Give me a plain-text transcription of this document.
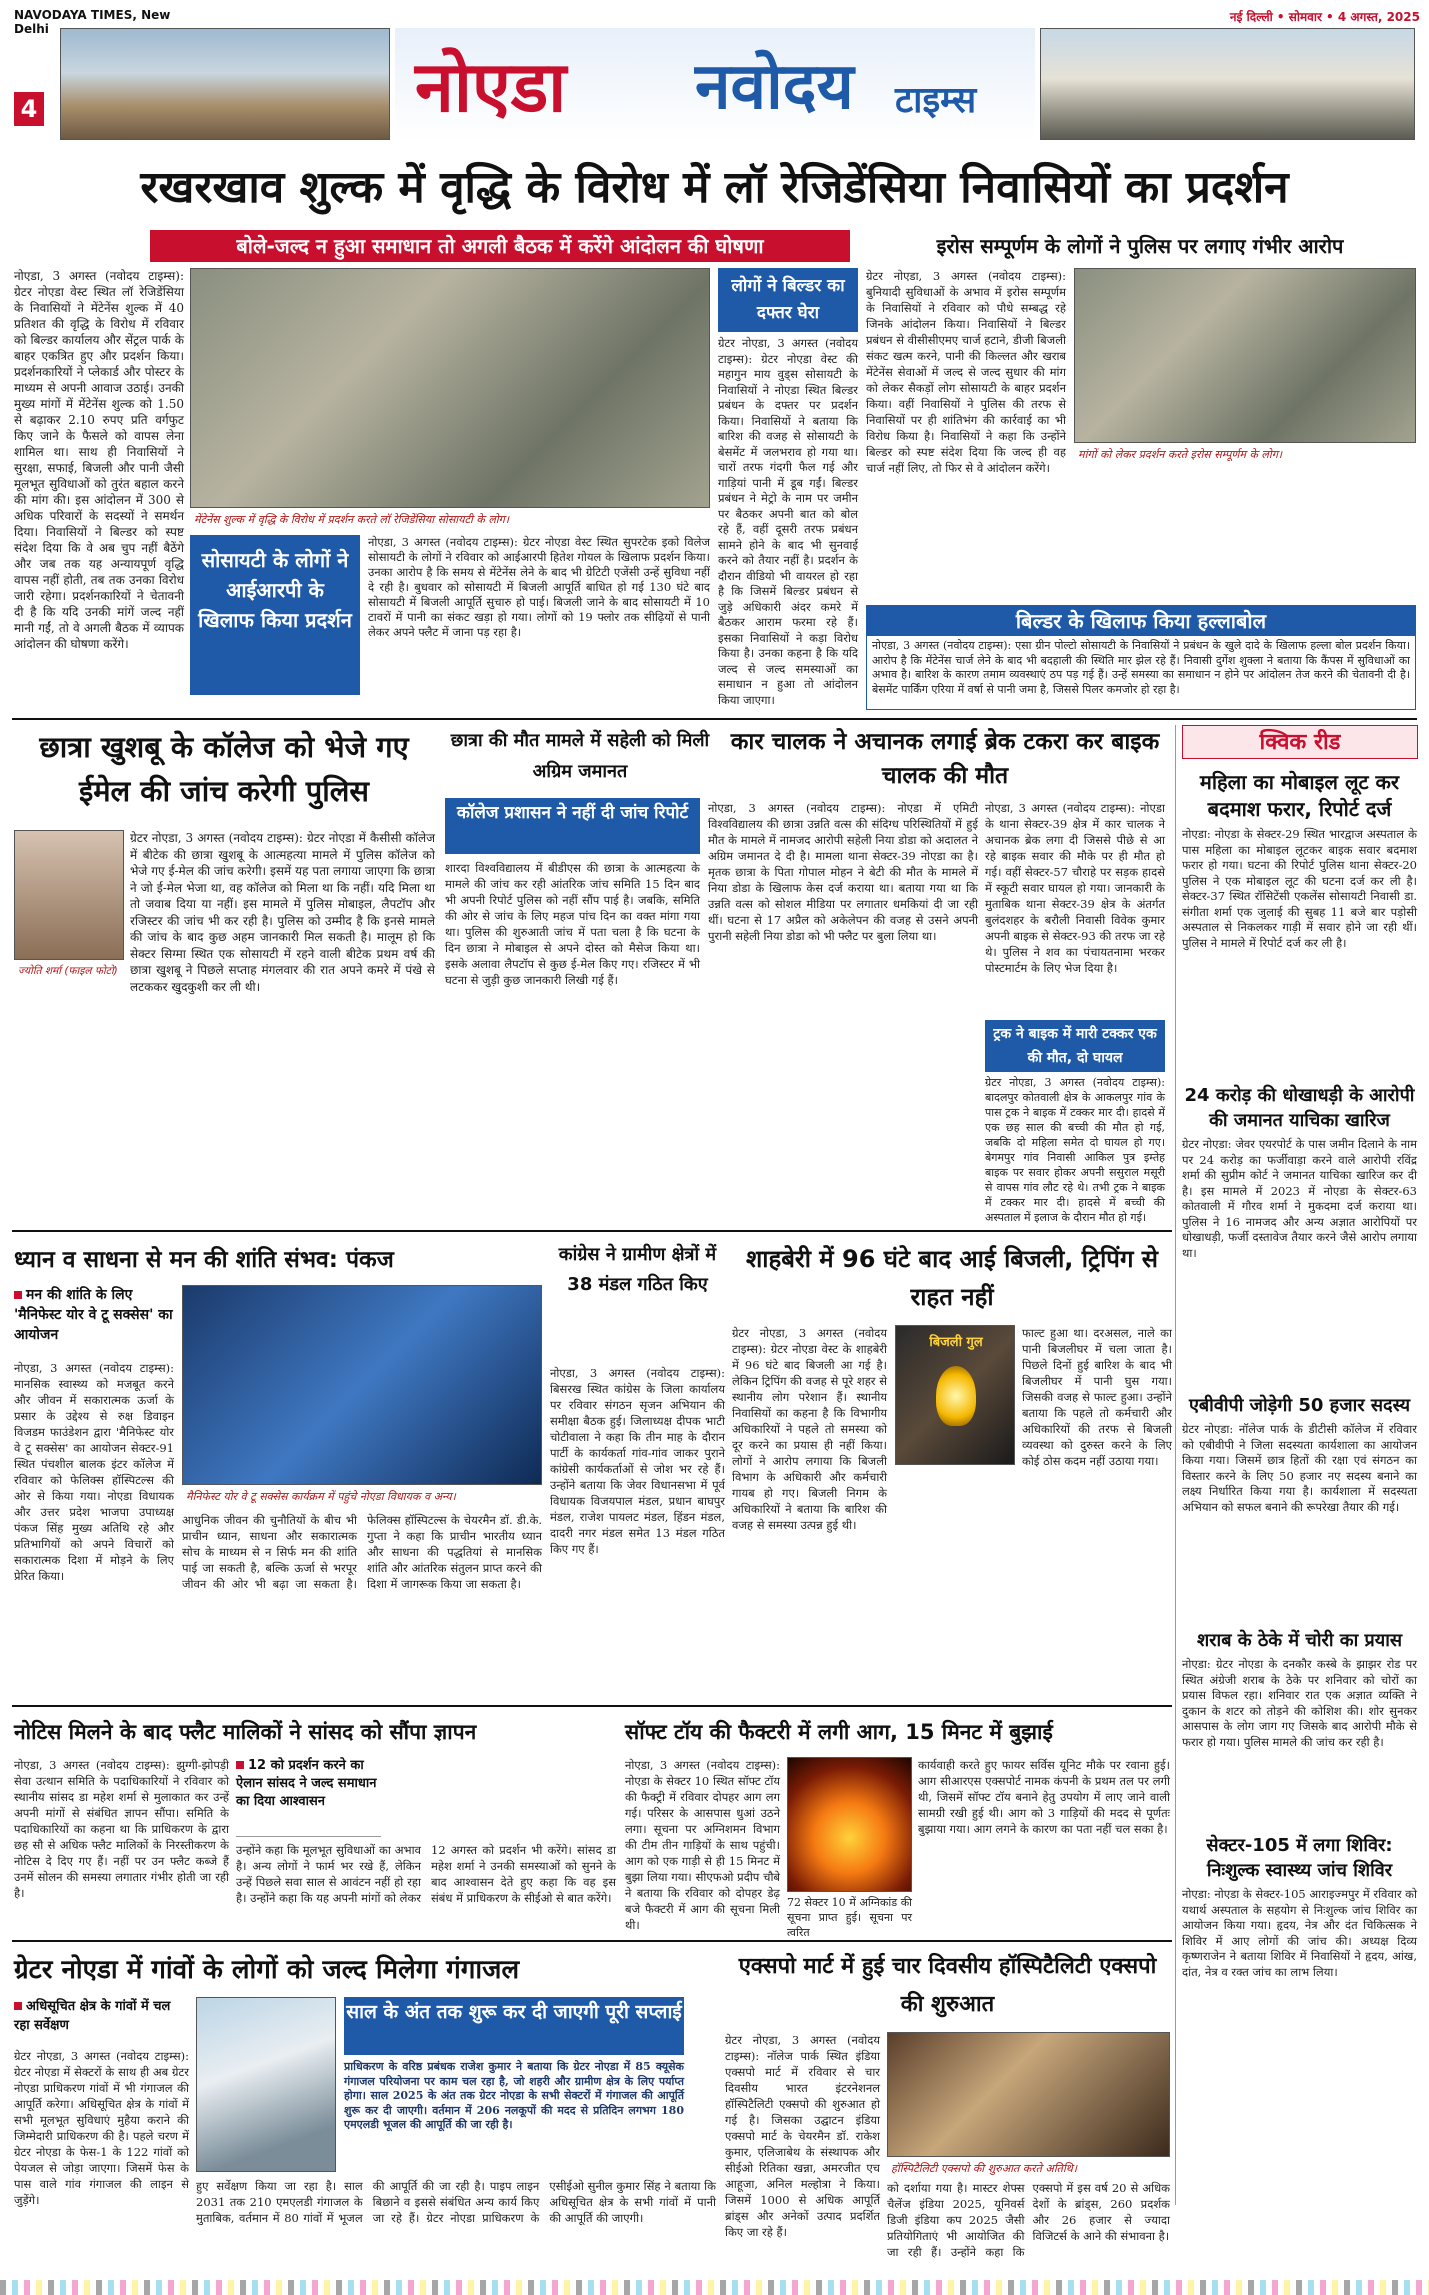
NAVODAYA TIMES, New Delhi
4	नोएडा नवोदय टाइम्स
नई दिल्ली • सोमवार • 4 अगस्त, 2025
रखरखाव शुल्क में वृद्धि के विरोध में लॉ रेजिडेंसिया निवासियों का प्रदर्शन
बोले-जल्द न हुआ समाधान तो अगली बैठक में करेंगे आंदोलन की घोषणा	इरोस सम्पूर्णम के लोगों ने पुलिस पर लगाए गंभीर आरोप
नोएडा, 3 अगस्त (नवोदय टाइम्स): ग्रेटर नोएडा वेस्ट स्थित लॉ रेजिडेंसिया के निवासियों ने मेंटेनेंस शुल्क में 40 प्रतिशत की वृद्धि के विरोध में रविवार को बिल्डर कार्यालय और सेंट्रल पार्क के बाहर एकत्रित हुए और प्रदर्शन किया। प्रदर्शनकारियों ने प्लेकार्ड और पोस्टर के माध्यम से अपनी आवाज उठाई। उनकी मुख्य मांगों में मेंटेनेंस शुल्क को 1.50 से बढ़ाकर 2.10 रुपए प्रति वर्गफुट किए जाने के फैसले को वापस लेना शामिल था। साथ ही निवासियों ने सुरक्षा, सफाई, बिजली और पानी जैसी मूलभूत सुविधाओं को तुरंत बहाल करने की मांग की। इस आंदोलन में 300 से अधिक परिवारों के सदस्यों ने समर्थन दिया। निवासियों ने बिल्डर को स्पष्ट संदेश दिया कि वे अब चुप नहीं बैठेंगे और जब तक यह अन्यायपूर्ण वृद्धि वापस नहीं होती, तब तक उनका विरोध जारी रहेगा। प्रदर्शनकारियों ने चेतावनी दी है कि यदि उनकी मांगें जल्द नहीं मानी गईं, तो वे अगली बैठक में व्यापक आंदोलन की घोषणा करेंगे।
मेंटेनेंस शुल्क में वृद्धि के विरोध में प्रदर्शन करते लॉ रेजिडेंसिया सोसायटी के लोग।
सोसायटी के लोगों ने आईआरपी के खिलाफ किया प्रदर्शन
नोएडा, 3 अगस्त (नवोदय टाइम्स): ग्रेटर नोएडा वेस्ट स्थित सुपरटेक इको विलेज सोसायटी के लोगों ने रविवार को आईआरपी हितेश गोयल के खिलाफ प्रदर्शन किया। उनका आरोप है कि समय से मेंटेनेंस लेने के बाद भी ग्रेटिटी एजेंसी उन्हें सुविधा नहीं दे रही है। बुधवार को सोसायटी में बिजली आपूर्ति बाधित हो गई 130 घंटे बाद सोसायटी में बिजली आपूर्ति सुचारु हो पाई। बिजली जाने के बाद सोसायटी में 10 टावरों में पानी का संकट खड़ा हो गया। लोगों को 19 फ्लोर तक सीढ़ियों से पानी लेकर अपने फ्लैट में जाना पड़ रहा है।
लोगों ने बिल्डर का दफ्तर घेरा
ग्रेटर नोएडा, 3 अगस्त (नवोदय टाइम्स): ग्रेटर नोएडा वेस्ट की महागुन माय वुड्स सोसायटी के निवासियों ने नोएडा स्थित बिल्डर प्रबंधन के दफ्तर पर प्रदर्शन किया। निवासियों ने बताया कि बारिश की वजह से सोसायटी के बेसमेंट में जलभराव हो गया था। चारों तरफ गंदगी फैल गई और गाड़ियां पानी में डूब गईं। बिल्डर प्रबंधन ने मेट्रो के नाम पर जमीन पर बैठकर अपनी बात को बोल रहे हैं, वहीं दूसरी तरफ प्रबंधन सामने होने के बाद भी सुनवाई करने को तैयार नहीं है। प्रदर्शन के दौरान वीडियो भी वायरल हो रहा है कि जिसमें बिल्डर प्रबंधन से जुड़े अधिकारी अंदर कमरे में बैठकर आराम फरमा रहे हैं। इसका निवासियों ने कड़ा विरोध किया है। उनका कहना है कि यदि जल्द से जल्द समस्याओं का समाधान न हुआ तो आंदोलन किया जाएगा।
ग्रेटर नोएडा, 3 अगस्त (नवोदय टाइम्स): बुनियादी सुविधाओं के अभाव में इरोस सम्पूर्णम के निवासियों ने रविवार को पौधे सम्बद्ध रहे जिनके आंदोलन किया। निवासियों ने बिल्डर प्रबंधन से वीसीसीएमए चार्ज हटाने, डीजी बिजली संकट खत्म करने, पानी की किल्लत और खराब मेंटेनेंस सेवाओं में जल्द से जल्द सुधार की मांग को लेकर सैकड़ों लोग सोसायटी के बाहर प्रदर्शन किया। वहीं निवासियों ने पुलिस की तरफ से निवासियों पर ही शांतिभंग की कार्रवाई का भी विरोध किया है। निवासियों ने कहा कि उन्होंने बिल्डर को स्पष्ट संदेश दिया कि जल्द ही वह चार्ज नहीं लिए, तो फिर से वे आंदोलन करेंगे।
मांगों को लेकर प्रदर्शन करते इरोस सम्पूर्णम के लोग।
बिल्डर के खिलाफ किया हल्लाबोल
नोएडा, 3 अगस्त (नवोदय टाइम्स): एसा ग्रीन पोल्टो सोसायटी के निवासियों ने प्रबंधन के खुले दादे के खिलाफ हल्ला बोल प्रदर्शन किया। आरोप है कि मेंटेनेंस चार्ज लेने के बाद भी बदहाली की स्थिति मार झेल रहे हैं। निवासी दुर्गेश शुक्ला ने बताया कि कैंपस में सुविधाओं का अभाव है। बारिश के कारण तमाम व्यवस्थाएं ठप पड़ गई हैं। उन्हें समस्या का समाधान न होने पर आंदोलन तेज करने की चेतावनी दी है। बेसमेंट पार्किंग एरिया में वर्षा से पानी जमा है, जिससे पिलर कमजोर हो रहा है।
छात्रा खुशबू के कॉलेज को भेजे गए ईमेल की जांच करेगी पुलिस
ज्योति शर्मा (फाइल फोटो)
ग्रेटर नोएडा, 3 अगस्त (नवोदय टाइम्स): ग्रेटर नोएडा में कैसीसी कॉलेज में बीटेक की छात्रा खुशबू के आत्महत्या मामले में पुलिस कॉलेज को भेजे गए ई-मेल की जांच करेगी। इसमें यह पता लगाया जाएगा कि छात्रा ने जो ई-मेल भेजा था, वह कॉलेज को मिला था कि नहीं। यदि मिला था तो जवाब दिया या नहीं। इस मामले में पुलिस मोबाइल, लैपटॉप और रजिस्टर की जांच भी कर रही है। पुलिस को उम्मीद है कि इनसे मामले की जांच के बाद कुछ अहम जानकारी मिल सकती है। मालूम हो कि सेक्टर सिग्मा स्थित एक सोसायटी में रहने वाली बीटेक प्रथम वर्ष की छात्रा खुशबू ने पिछले सप्ताह मंगलवार की रात अपने कमरे में पंखे से लटककर खुदकुशी कर ली थी।
छात्रा की मौत मामले में सहेली को मिली अग्रिम जमानत
कॉलेज प्रशासन ने नहीं दी जांच रिपोर्ट
शारदा विश्वविद्यालय में बीडीएस की छात्रा के आत्महत्या के मामले की जांच कर रही आंतरिक जांच समिति 15 दिन बाद भी अपनी रिपोर्ट पुलिस को नहीं सौंप पाई है। जबकि, समिति की ओर से जांच के लिए महज पांच दिन का वक्त मांगा गया था। पुलिस की शुरुआती जांच में पता चला है कि घटना के दिन छात्रा ने मोबाइल से अपने दोस्त को मैसेज किया था। इसके अलावा लैपटॉप से कुछ ई-मेल किए गए। रजिस्टर में भी घटना से जुड़ी कुछ जानकारी लिखी गई हैं।
नोएडा, 3 अगस्त (नवोदय टाइम्स): नोएडा में एमिटी विश्वविद्यालय की छात्रा उन्नति वत्स की संदिग्ध परिस्थितियों में हुई मौत के मामले में नामजद आरोपी सहेली निया डोडा को अदालत ने अग्रिम जमानत दे दी है। मामला थाना सेक्टर-39 नोएडा का है। मृतक छात्रा के पिता गोपाल मोहन ने बेटी की मौत के मामले में निया डोडा के खिलाफ केस दर्ज कराया था। बताया गया था कि उन्नति वत्स को सोशल मीडिया पर लगातार धमकियां दी जा रही थीं। घटना से 17 अप्रैल को अकेलेपन की वजह से उसने अपनी पुरानी सहेली निया डोडा को भी फ्लैट पर बुला लिया था।
कार चालक ने अचानक लगाई ब्रेक टकरा कर बाइक चालक की मौत
नोएडा, 3 अगस्त (नवोदय टाइम्स): नोएडा के थाना सेक्टर-39 क्षेत्र में कार चालक ने अचानक ब्रेक लगा दी जिससे पीछे से आ रहे बाइक सवार की मौके पर ही मौत हो गई। वहीं सेक्टर-57 चौराहे पर सड़क हादसे में स्कूटी सवार घायल हो गया। जानकारी के मुताबिक थाना सेक्टर-39 क्षेत्र के अंतर्गत बुलंदशहर के बरौली निवासी विवेक कुमार अपनी बाइक से सेक्टर-93 की तरफ जा रहे थे। पुलिस ने शव का पंचायतनामा भरकर पोस्टमार्टम के लिए भेज दिया है।
क्विक रीड
महिला का मोबाइल लूट कर बदमाश फरार, रिपोर्ट दर्ज
नोएडा: नोएडा के सेक्टर-29 स्थित भारद्वाज अस्पताल के पास महिला का मोबाइल लूटकर बाइक सवार बदमाश फरार हो गया। घटना की रिपोर्ट पुलिस थाना सेक्टर-20 पुलिस ने एक मोबाइल लूट की घटना दर्ज कर ली है। सेक्टर-37 स्थित रॉसिटेंसी एकलेंस सोसायटी निवासी डा. संगीता शर्मा एक जुलाई की सुबह 11 बजे बार पड़ोसी अस्पताल से निकलकर गाड़ी में सवार होने जा रही थीं। पुलिस ने मामले में रिपोर्ट दर्ज कर ली है।
24 करोड़ की धोखाधड़ी के आरोपी की जमानत याचिका खारिज
ग्रेटर नोएडा: जेवर एयरपोर्ट के पास जमीन दिलाने के नाम पर 24 करोड़ का फर्जीवाड़ा करने वाले आरोपी रविंद्र शर्मा की सुप्रीम कोर्ट ने जमानत याचिका खारिज कर दी है। इस मामले में 2023 में नोएडा के सेक्टर-63 कोतवाली में गौरव शर्मा ने मुकदमा दर्ज कराया था। पुलिस ने 16 नामजद और अन्य अज्ञात आरोपियों पर धोखाधड़ी, फर्जी दस्तावेज तैयार करने जैसे आरोप लगाया था।
एबीवीपी जोड़ेगी 50 हजार सदस्य
ग्रेटर नोएडा: नॉलेज पार्क के डीटीसी कॉलेज में रविवार को एबीवीपी ने जिला सदस्यता कार्यशाला का आयोजन किया गया। जिसमें छात्र हितों की रक्षा एवं संगठन का विस्तार करने के लिए 50 हजार नए सदस्य बनाने का लक्ष्य निर्धारित किया गया है। कार्यशाला में सदस्यता अभियान को सफल बनाने की रूपरेखा तैयार की गई।
शराब के ठेके में चोरी का प्रयास
नोएडा: ग्रेटर नोएडा के दनकौर कस्बे के झाझर रोड पर स्थित अंग्रेजी शराब के ठेके पर शनिवार को चोरों का प्रयास विफल रहा। शनिवार रात एक अज्ञात व्यक्ति ने दुकान के शटर को तोड़ने की कोशिश की। शोर सुनकर आसपास के लोग जाग गए जिसके बाद आरोपी मौके से फरार हो गया। पुलिस मामले की जांच कर रही है।
सेक्टर-105 में लगा शिविर: निःशुल्क स्वास्थ्य जांच शिविर
नोएडा: नोएडा के सेक्टर-105 आराइज्मपुर में रविवार को यथार्थ अस्पताल के सहयोग से निःशुल्क जांच शिविर का आयोजन किया गया। हृदय, नेत्र और दंत चिकित्सक ने शिविर में आए लोगों की जांच की। अध्यक्ष दिव्य कृष्णराजेन ने बताया शिविर में निवासियों ने हृदय, आंख, दांत, नेत्र व रक्त जांच का लाभ लिया।
ध्यान व साधना से मन की शांति संभव: पंकज
मन की शांति के लिए 'मैनिफेस्ट योर वे टू सक्सेस' का आयोजन
नोएडा, 3 अगस्त (नवोदय टाइम्स): मानसिक स्वास्थ्य को मजबूत करने और जीवन में सकारात्मक ऊर्जा के प्रसार के उद्देश्य से रुक्ष डिवाइन विजडम फाउंडेशन द्वारा 'मैनिफेस्ट योर वे टू सक्सेस' का आयोजन सेक्टर-91 स्थित पंचशील बालक इंटर कॉलेज में रविवार को फेलिक्स हॉस्पिटल्स की ओर से किया गया। नोएडा विधायक और उत्तर प्रदेश भाजपा उपाध्यक्ष पंकज सिंह मुख्य अतिथि रहे और प्रतिभागियों को अपने विचारों को सकारात्मक दिशा में मोड़ने के लिए प्रेरित किया।
मैनिफेस्ट योर वे टू सक्सेस कार्यक्रम में पहुंचे नोएडा विधायक व अन्य।
आधुनिक जीवन की चुनौतियों के बीच भी प्राचीन ध्यान, साधना और सकारात्मक सोच के माध्यम से न सिर्फ मन की शांति पाई जा सकती है, बल्कि ऊर्जा से भरपूर जीवन की ओर भी बढ़ा जा सकता है। फेलिक्स हॉस्पिटल्स के चेयरमैन डॉ. डी.के. गुप्ता ने कहा कि प्राचीन भारतीय ध्यान और साधना की पद्धतियां से मानसिक शांति और आंतरिक संतुलन प्राप्त करने की दिशा में जागरूक किया जा सकता है।
कांग्रेस ने ग्रामीण क्षेत्रों में 38 मंडल गठित किए
नोएडा, 3 अगस्त (नवोदय टाइम्स): बिसरख स्थित कांग्रेस के जिला कार्यालय पर रविवार संगठन सृजन अभियान की समीक्षा बैठक हुई। जिलाध्यक्ष दीपक भाटी चोटीवाला ने कहा कि तीन माह के दौरान पार्टी के कार्यकर्ता गांव-गांव जाकर पुराने कांग्रेसी कार्यकर्ताओं से जोश भर रहे हैं। उन्होंने बताया कि जेवर विधानसभा में पूर्व विधायक विजयपाल मंडल, प्रधान बाघपुर मंडल, राजेश पायलट मंडल, हिंडन मंडल, दादरी नगर मंडल समेत 13 मंडल गठित किए गए हैं।
शाहबेरी में 96 घंटे बाद आई बिजली, ट्रिपिंग से राहत नहीं
ग्रेटर नोएडा, 3 अगस्त (नवोदय टाइम्स): ग्रेटर नोएडा वेस्ट के शाहबेरी में 96 घंटे बाद बिजली आ गई है। लेकिन ट्रिपिंग की वजह से पूरे शहर से स्थानीय लोग परेशान हैं। स्थानीय निवासियों का कहना है कि विभागीय अधिकारियों ने पहले तो समस्या को दूर करने का प्रयास ही नहीं किया। लोगों ने आरोप लगाया कि बिजली विभाग के अधिकारी और कर्मचारी गायब हो गए। बिजली निगम के अधिकारियों ने बताया कि बारिश की वजह से समस्या उत्पन्न हुई थी।
बिजली गुल
फाल्ट हुआ था। दरअसल, नाले का पानी बिजलीघर में चला जाता है। पिछले दिनों हुई बारिश के बाद भी बिजलीघर में पानी घुस गया। जिसकी वजह से फाल्ट हुआ। उन्होंने बताया कि पहले तो कर्मचारी और अधिकारियों की तरफ से बिजली व्यवस्था को दुरुस्त करने के लिए कोई ठोस कदम नहीं उठाया गया।
नोटिस मिलने के बाद फ्लैट मालिकों ने सांसद को सौंपा ज्ञापन
नोएडा, 3 अगस्त (नवोदय टाइम्स): झुग्गी-झोपड़ी सेवा उत्थान समिति के पदाधिकारियों ने रविवार को स्थानीय सांसद डा महेश शर्मा से मुलाकात कर उन्हें अपनी मांगों से संबंधित ज्ञापन सौंपा। समिति के पदाधिकारियों का कहना था कि प्राधिकरण के द्वारा छह सौ से अधिक फ्लैट मालिकों के निरस्तीकरण के नोटिस दे दिए गए हैं। नहीं पर उन फ्लैट कब्जे हैं उनमें सोलन की समस्या लगातार गंभीर होती जा रही है।
12 को प्रदर्शन करने का ऐलान सांसद ने जल्द समाधान का दिया आश्वासन
उन्होंने कहा कि मूलभूत सुविधाओं का अभाव है। अन्य लोगों ने फार्म भर रखे हैं, लेकिन उन्हें पिछले सवा साल से आवंटन नहीं हो रहा है। उन्होंने कहा कि यह अपनी मांगों को लेकर 12 अगस्त को प्रदर्शन भी करेंगे। सांसद डा महेश शर्मा ने उनकी समस्याओं को सुनने के बाद आश्वासन देते हुए कहा कि वह इस संबंध में प्राधिकरण के सीईओ से बात करेंगे।
सॉफ्ट टॉय की फैक्टरी में लगी आग, 15 मिनट में बुझाई
नोएडा, 3 अगस्त (नवोदय टाइम्स): नोएडा के सेक्टर 10 स्थित सॉफ्ट टॉय की फैक्ट्री में रविवार दोपहर आग लग गई। परिसर के आसपास धुआं उठने लगा। सूचना पर अग्निशमन विभाग की टीम तीन गाड़ियों के साथ पहुंची। आग को एक गाड़ी से ही 15 मिनट में बुझा लिया गया। सीएफओ प्रदीप चौबे ने बताया कि रविवार को दोपहर डेढ़ बजे फैक्टरी में आग की सूचना मिली थी।
72 सेक्टर 10 में अग्निकांड की सूचना प्राप्त हुई। सूचना पर त्वरित
कार्यवाही करते हुए फायर सर्विस यूनिट मौके पर रवाना हुई। आग सीआरएस एक्सपोर्ट नामक कंपनी के प्रथम तल पर लगी थी, जिसमें सॉफ्ट टॉय बनाने हेतु उपयोग में लाए जाने वाली सामग्री रखी हुई थी। आग को 3 गाड़ियों की मदद से पूर्णतः बुझाया गया। आग लगने के कारण का पता नहीं चल सका है।
ग्रेटर नोएडा में गांवों के लोगों को जल्द मिलेगा गंगाजल
अधिसूचित क्षेत्र के गांवों में चल रहा सर्वेक्षण
ग्रेटर नोएडा, 3 अगस्त (नवोदय टाइम्स): ग्रेटर नोएडा में सेक्टरों के साथ ही अब ग्रेटर नोएडा प्राधिकरण गांवों में भी गंगाजल की आपूर्ति करेगा। अधिसूचित क्षेत्र के गांवों में सभी मूलभूत सुविधाएं मुहैया कराने की जिम्मेदारी प्राधिकरण की है। पहले चरण में ग्रेटर नोएडा के फेस-1 के 122 गांवों को पेयजल से जोड़ा जाएगा। जिसमें फेस के पास वाले गांव गंगाजल की लाइन से जुड़ेंगे।
साल के अंत तक शुरू कर दी जाएगी पूरी सप्लाई
प्राधिकरण के वरिष्ठ प्रबंधक राजेश कुमार ने बताया कि ग्रेटर नोएडा में 85 क्यूसेक गंगाजल परियोजना पर काम चल रहा है, जो शहरी और ग्रामीण क्षेत्र के लिए पर्याप्त होगा। साल 2025 के अंत तक ग्रेटर नोएडा के सभी सेक्टरों में गंगाजल की आपूर्ति शुरू कर दी जाएगी। वर्तमान में 206 नलकूपों की मदद से प्रतिदिन लगभग 180 एमएलडी भूजल की आपूर्ति की जा रही है।
हुए सर्वेक्षण किया जा रहा है। साल 2031 तक 210 एमएलडी गंगाजल के मुताबिक, वर्तमान में 80 गांवों में भूजल की आपूर्ति की जा रही है। पाइप लाइन बिछाने व इससे संबंधित अन्य कार्य किए जा रहे हैं। ग्रेटर नोएडा प्राधिकरण के एसीईओ सुनील कुमार सिंह ने बताया कि अधिसूचित क्षेत्र के सभी गांवों में पानी की आपूर्ति की जाएगी।
एक्सपो मार्ट में हुई चार दिवसीय हॉस्पिटैलिटी एक्सपो की शुरुआत
ग्रेटर नोएडा, 3 अगस्त (नवोदय टाइम्स): नॉलेज पार्क स्थित इंडिया एक्सपो मार्ट में रविवार से चार दिवसीय भारत इंटरनेशनल हॉस्पिटैलिटी एक्सपो की शुरुआत हो गई है। जिसका उद्घाटन इंडिया एक्सपो मार्ट के चेयरमैन डॉ. राकेश कुमार, एलिजाबेथ के संस्थापक और सीईओ रितिका खन्ना, अमरजीत एच आहूजा, अनिल मल्होत्रा ने किया। जिसमें 1000 से अधिक आपूर्ति ब्रांड्स और अनेकों उत्पाद प्रदर्शित किए जा रहे हैं।
हॉस्पिटैलिटी एक्सपो की शुरुआत करते अतिथि।
को दर्शाया गया है। मास्टर शेफ्स चैलेंज इंडिया 2025, यूनिवर्स डिजी इंडिया कप 2025 जैसी प्रतियोगिताएं भी आयोजित की जा रही हैं। उन्होंने कहा कि एक्सपो में इस वर्ष 20 से अधिक देशों के ब्रांड्स, 260 प्रदर्शक और 26 हजार से ज्यादा विजिटर्स के आने की संभावना है।
ट्रक ने बाइक में मारी टक्कर एक की मौत, दो घायल
ग्रेटर नोएडा, 3 अगस्त (नवोदय टाइम्स): बादलपुर कोतवाली क्षेत्र के आकलपुर गांव के पास ट्रक ने बाइक में टक्कर मार दी। हादसे में एक छह साल की बच्ची की मौत हो गई, जबकि दो महिला समेत दो घायल हो गए। बेगमपुर गांव निवासी आकिल पुत्र इम्तेह बाइक पर सवार होकर अपनी ससुराल मसूरी से वापस गांव लौट रहे थे। तभी ट्रक ने बाइक में टक्कर मार दी। हादसे में बच्ची की अस्पताल में इलाज के दौरान मौत हो गई।
